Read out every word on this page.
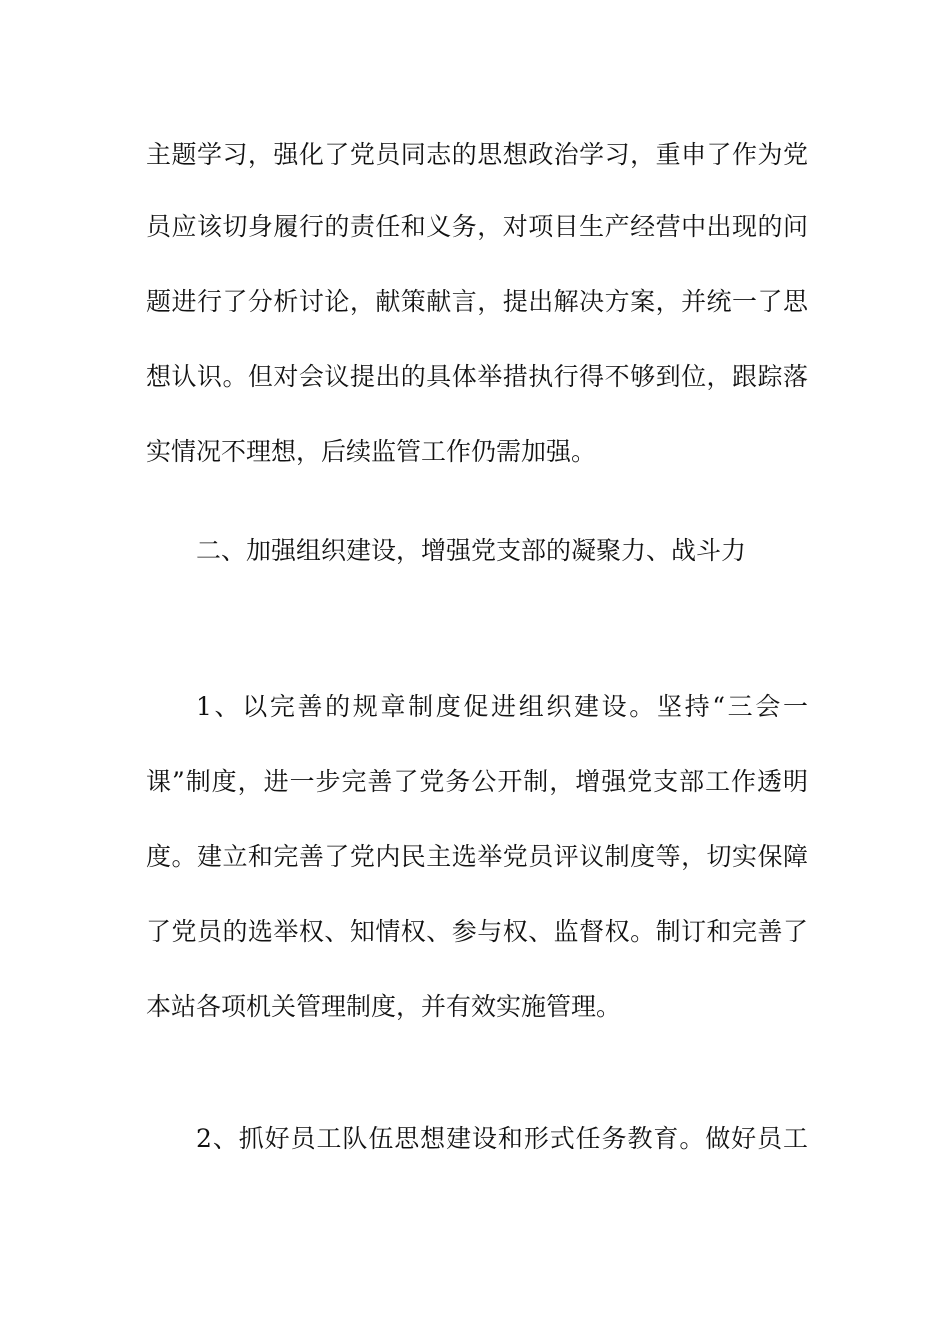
主题学习，强化了党员同志的思想政治学习，重申了作为党
员应该切身履行的责任和义务，对项目生产经营中出现的问
题进行了分析讨论，献策献言，提出解决方案，并统一了思
想认识。但对会议提出的具体举措执行得不够到位，跟踪落
实情况不理想，后续监管工作仍需加强。
二、加强组织建设，增强党支部的凝聚力、战斗力
1、以完善的规章制度促进组织建设。坚持“三会一
课”制度，进一步完善了党务公开制，增强党支部工作透明
度。建立和完善了党内民主选举党员评议制度等，切实保障
了党员的选举权、知情权、参与权、监督权。制订和完善了
本站各项机关管理制度，并有效实施管理。
2、抓好员工队伍思想建设和形式任务教育。做好员工
